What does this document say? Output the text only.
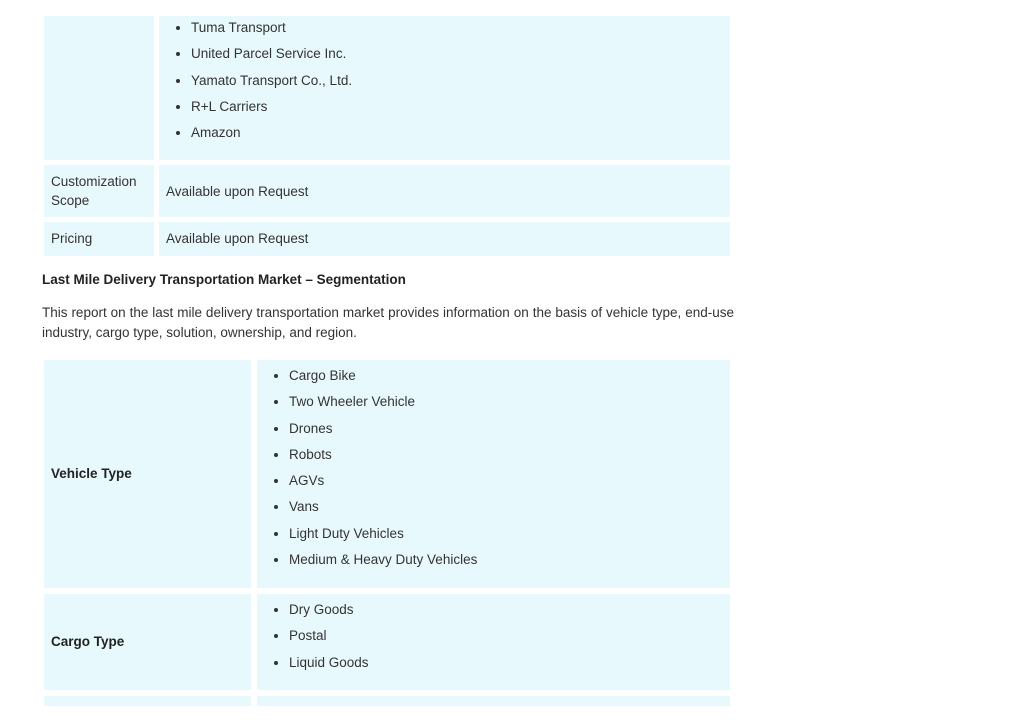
Tuma Transport
United Parcel Service Inc.
Yamato Transport Co., Ltd.
R+L Carriers
Amazon
Customization Scope
Available upon Request
Pricing	Available upon Request
Last Mile Delivery Transportation Market – Segmentation
This report on the last mile delivery transportation market provides information on the basis of vehicle type, end-use industry, cargo type, solution, ownership, and region.
Vehicle Type
Cargo Bike
Two Wheeler Vehicle
Drones
Robots
AGVs
Vans
Light Duty Vehicles
Medium & Heavy Duty Vehicles
Cargo Type
Dry Goods
Postal
Liquid Goods
